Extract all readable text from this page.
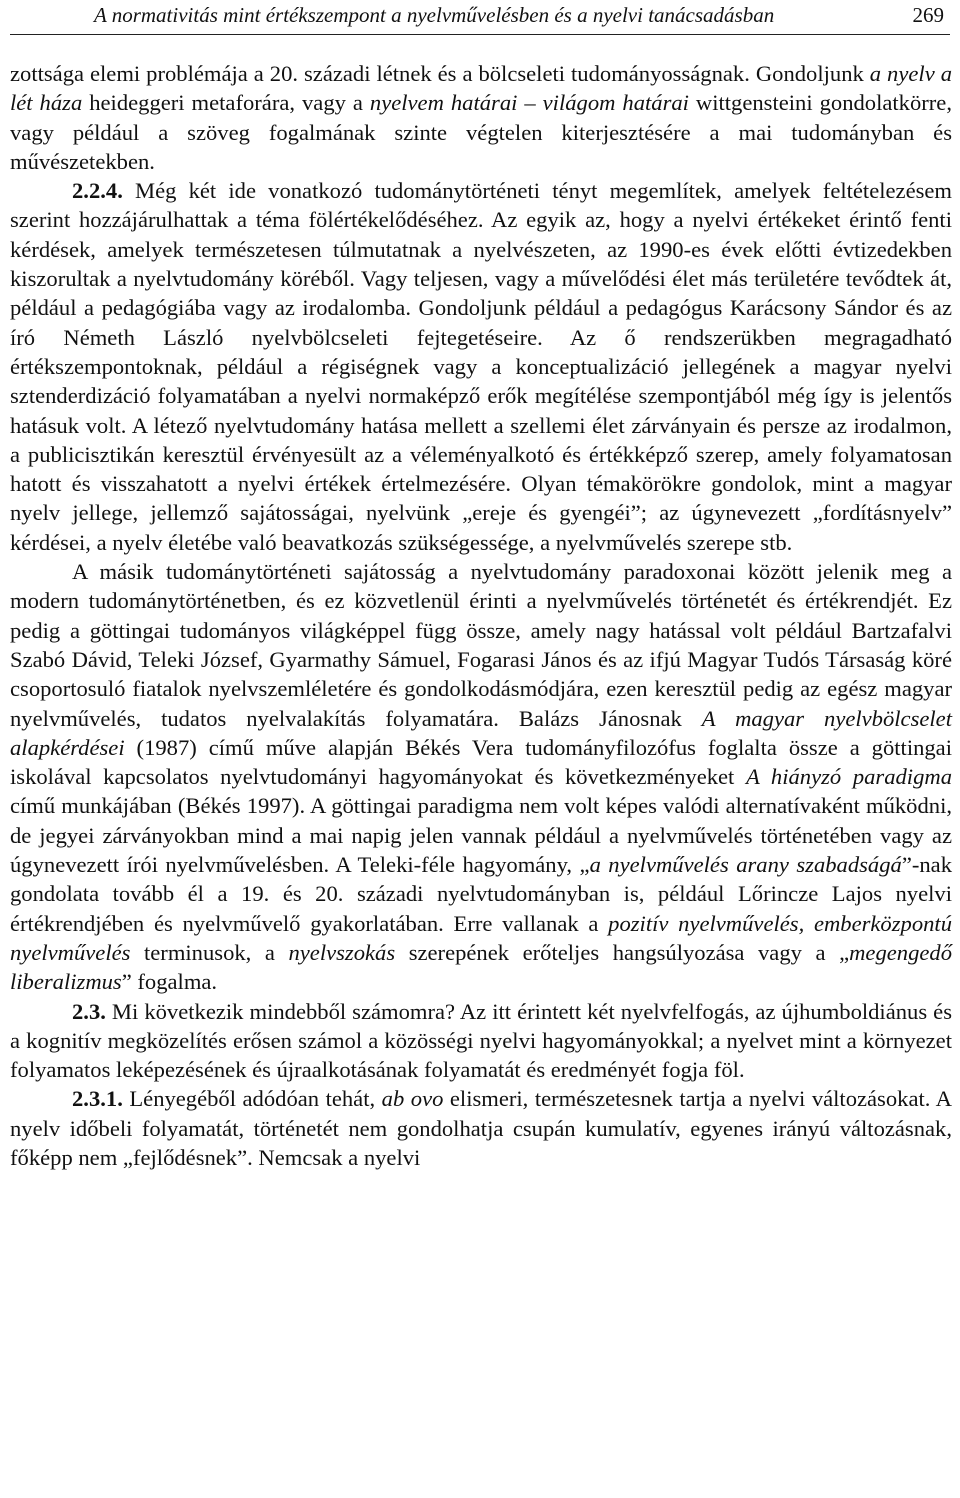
A normativitás mint értékszempont a nyelvművelésben és a nyelvi tanácsadásban	269

zottsága elemi problémája a 20. századi létnek és a bölcseleti tudományosságnak. Gondoljunk a nyelv a lét háza heideggeri metaforára, vagy a nyelvem határai – világom határai wittgensteini gondolatkörre, vagy például a szöveg fogalmának szinte végtelen kiterjesztésére a mai tudományban és művészetekben.

2.2.4. Még két ide vonatkozó tudománytörténeti tényt megemlítek, amelyek feltételezésem szerint hozzájárulhattak a téma fölértékelődéséhez. Az egyik az, hogy a nyelvi értékeket érintő fenti kérdések, amelyek természetesen túlmutatnak a nyelvészeten, az 1990-es évek előtti évtizedekben kiszorultak a nyelvtudomány köréből. Vagy teljesen, vagy a művelődési élet más területére tevődtek át, például a pedagógiába vagy az irodalomba. Gondoljunk például a pedagógus Karácsony Sándor és az író Németh László nyelvbölcseleti fejtegetéseire. Az ő rendszerükben megragadható értékszempontoknak, például a régiségnek vagy a konceptualizáció jellegének a magyar nyelvi sztenderdizáció folyamatában a nyelvi normaképző erők megítélése szempontjából még így is jelentős hatásuk volt. A létező nyelvtudomány hatása mellett a szellemi élet zárványain és persze az irodalmon, a publicisztikán keresztül érvényesült az a véleményalkotó és értékképző szerep, amely folyamatosan hatott és visszahatott a nyelvi értékek értelmezésére. Olyan témakörökre gondolok, mint a magyar nyelv jellege, jellemző sajátosságai, nyelvünk „ereje és gyengéi”; az úgynevezett „fordításnyelv” kérdései, a nyelv életébe való beavatkozás szükségessége, a nyelvművelés szerepe stb.

A másik tudománytörténeti sajátosság a nyelvtudomány paradoxonai között jelenik meg a modern tudománytörténetben, és ez közvetlenül érinti a nyelvművelés történetét és értékrendjét. Ez pedig a göttingai tudományos világképpel függ össze, amely nagy hatással volt például Bartzafalvi Szabó Dávid, Teleki József, Gyarmathy Sámuel, Fogarasi János és az ifjú Magyar Tudós Társaság köré csoportosuló fiatalok nyelvszemléletére és gondolkodásmódjára, ezen keresztül pedig az egész magyar nyelvművelés, tudatos nyelvalakítás folyamatára. Balázs Jánosnak A magyar nyelvbölcselet alapkérdései (1987) című műve alapján Békés Vera tudományfilozófus foglalta össze a göttingai iskolával kapcsolatos nyelvtudományi hagyományokat és következményeket A hiányzó paradigma című munkájában (Békés 1997). A göttingai paradigma nem volt képes valódi alternatívaként működni, de jegyei zárványokban mind a mai napig jelen vannak például a nyelvművelés történetében vagy az úgynevezett írói nyelvművelésben. A Teleki-féle hagyomány, „a nyelvművelés arany szabadságá”-nak gondolata tovább él a 19. és 20. századi nyelvtudományban is, például Lőrincze Lajos nyelvi értékrendjében és nyelvművelő gyakorlatában. Erre vallanak a pozitív nyelvművelés, emberközpontú nyelvművelés terminusok, a nyelvszokás szerepének erőteljes hangsúlyozása vagy a „megengedő liberalizmus” fogalma.

2.3. Mi következik mindebből számomra? Az itt érintett két nyelvfelfogás, az újhumboldiánus és a kognitív megközelítés erősen számol a közösségi nyelvi hagyományokkal; a nyelvet mint a környezet folyamatos leképezésének és újraalkotásának folyamatát és eredményét fogja föl.

2.3.1. Lényegéből adódóan tehát, ab ovo elismeri, természetesnek tartja a nyelvi változásokat. A nyelv időbeli folyamatát, történetét nem gondolhatja csupán kumulatív, egyenes irányú változásnak, főképp nem „fejlődésnek”. Nemcsak a nyelvi
